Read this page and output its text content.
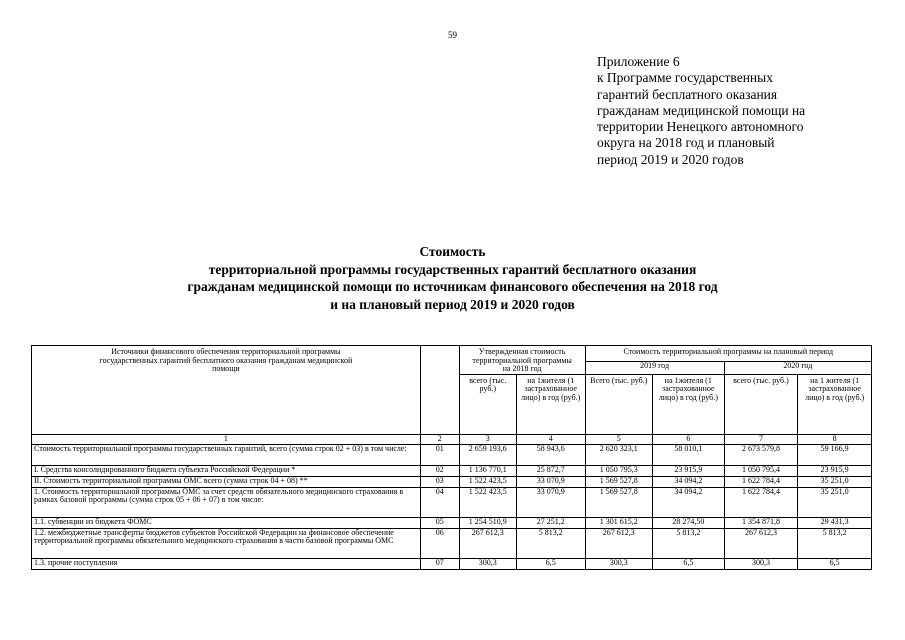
59
Приложение 6
к Программе государственных
гарантий бесплатного оказания
гражданам медицинской помощи на
территории Ненецкого автономного
округа на 2018 год и плановый
период 2019 и 2020 годов
Стоимость
территориальной программы государственных гарантий бесплатного оказания
гражданам медицинской помощи по источникам финансового обеспечения на 2018 год
и на плановый период 2019 и 2020 годов
Источники финансового обеспечения территориальной программы государственных гарантий бесплатного оказания гражданам медицинской помощи		Утвержденная стоимость территориальной программы на 2018 год		Стоимость территориальной программы на плановый период			
				2019 год		2020 год	
		всего (тыс. руб.)	на 1жителя (1 застрахованное лицо) в год (руб.)	Всего (тыс. руб.)	на 1жителя (1 застрахованное лицо) в год (руб.)	всего (тыс. руб.)	на 1 жителя (1 застрахованное лицо) в год (руб.)
1	2	3	4	5	6	7	8
Стоимость территориальной программы государственных гарантий, всего (сумма строк 02 + 03) в том числе:	01	2 659 193,6	58 943,6	2 620 323,1	58 010,1	2 673 579,8	59 166,9
I. Средства консолидированного бюджета субъекта Российской Федерации *	02	1 136 770,1	25 872,7	1 050 795,3	23 915,9	1 050 795,4	23 915,9
II. Стоимость территориальной программы ОМС всего (сумма строк 04 + 08) **	03	1 522 423,5	33 070,9	1 569 527,8	34 094,2	1 622 784,4	35 251,0
1. Стоимость территориальной программы ОМС за счет средств обязательного медицинского страхования в рамках базовой программы (сумма строк 05 + 06 + 07) в том числе:	04	1 522 423,5	33 070,9	1 569 527,8	34 094,2	1 622 784,4	35 251,0
1.1. субвенции из бюджета ФОМС	05	1 254 510,9	27 251,2	1 301 615,2	28 274,50	1 354 871,8	29 431,3
1.2. межбюджетные трансферты бюджетов субъектов Российской Федерации на финансовое обеспечение территориальной программы обязательного медицинского страхования в части базовой программы ОМС	06	267 612,3	5 813,2	267 612,3	5 813,2	267 612,3	5 813,2
1.3. прочие поступления	07	300,3	6,5	300,3	6,5	300,3	6,5
